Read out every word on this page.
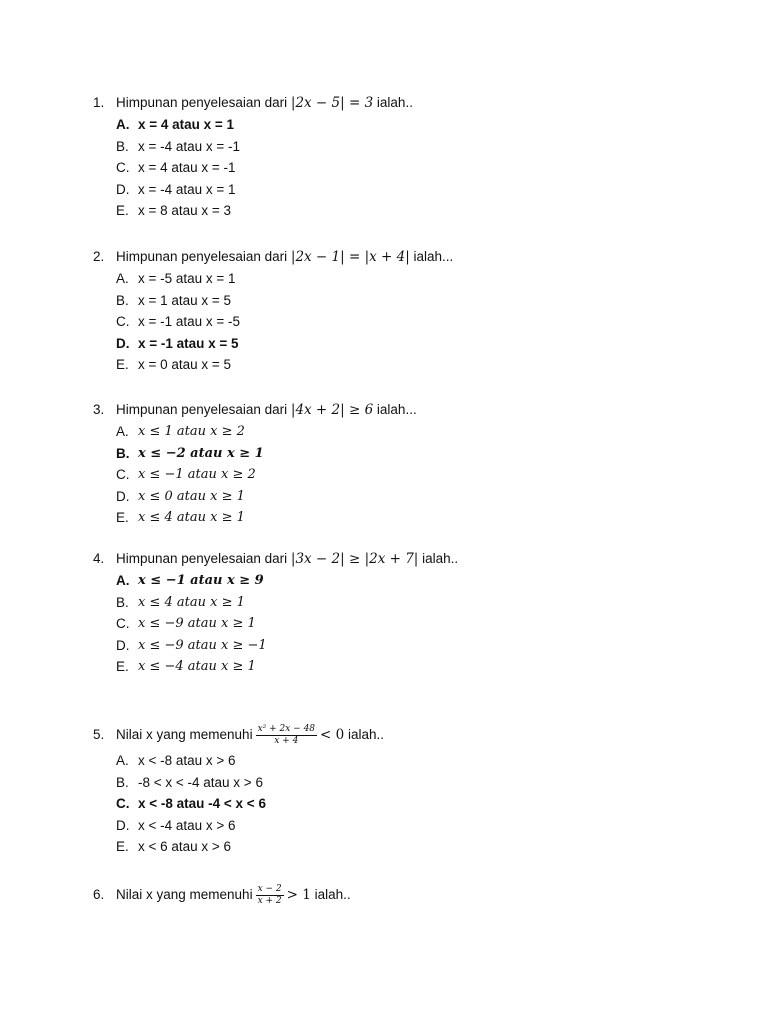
1. Himpunan penyelesaian dari |2x − 5| = 3 ialah..
A. x = 4 atau x = 1
B. x = -4 atau x = -1
C. x = 4 atau x = -1
D. x = -4 atau x = 1
E. x = 8 atau x = 3
2. Himpunan penyelesaian dari |2x − 1| = |x + 4| ialah...
A. x = -5 atau x = 1
B. x = 1 atau x = 5
C. x = -1 atau x = -5
D. x = -1 atau x = 5
E. x = 0 atau x = 5
3. Himpunan penyelesaian dari |4x + 2| ≥ 6 ialah...
A. x ≤ 1 atau x ≥ 2
B. x ≤ −2 atau x ≥ 1
C. x ≤ −1 atau x ≥ 2
D. x ≤ 0 atau x ≥ 1
E. x ≤ 4 atau x ≥ 1
4. Himpunan penyelesaian dari |3x − 2| ≥ |2x + 7| ialah..
A. x ≤ −1 atau x ≥ 9
B. x ≤ 4 atau x ≥ 1
C. x ≤ −9 atau x ≥ 1
D. x ≤ −9 atau x ≥ −1
E. x ≤ −4 atau x ≥ 1
5. Nilai x yang memenuhi $\frac{\text{x² + 2x − 48}}{x + 4} < 0$ ialah..
A. x < -8 atau x > 6
B. -8 < x < -4 atau x > 6
C. x < -8 atau -4 < x < 6
D. x < -4 atau x > 6
E. x < 6 atau x > 6
6. Nilai x yang memenuhi $\frac{x - 2}{x + 2} > 1$ ialah..
